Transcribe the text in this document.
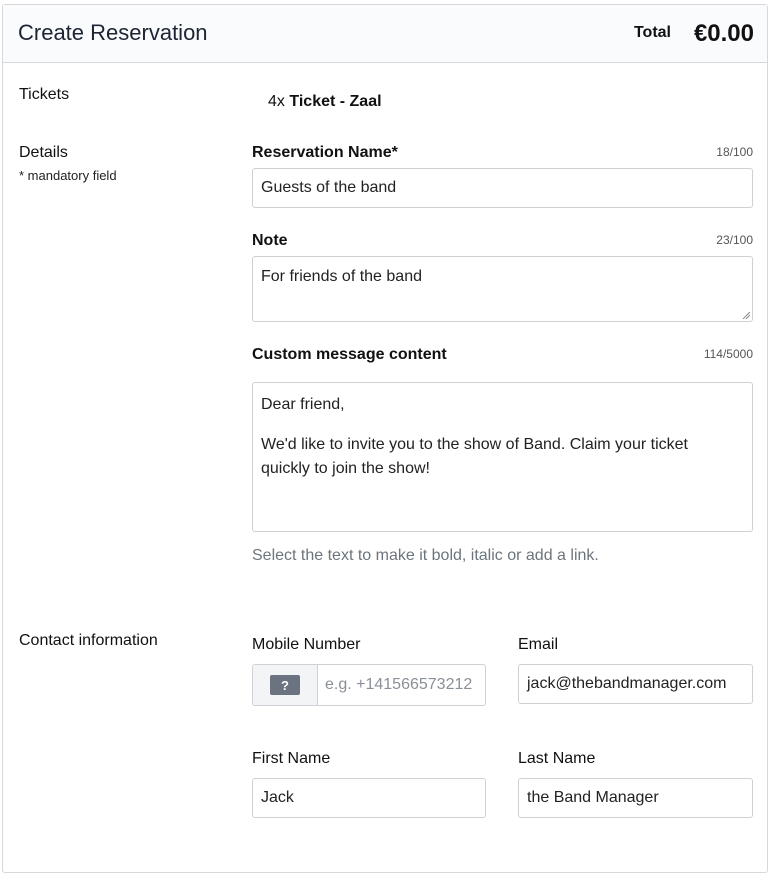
Create Reservation	Total €0.00
Tickets	4x Ticket - Zaal
Details
* mandatory field
Reservation Name*	18/100
Guests of the band
Note	23/100
For friends of the band
Custom message content	114/5000
Dear friend,
We'd like to invite you to the show of Band. Claim your ticket
quickly to join the show!
Select the text to make it bold, italic or add a link.
Contact information	Mobile Number
?	e.g. +141566573212
Email
jack@thebandmanager.com
First Name
Jack
Last Name
the Band Manager
